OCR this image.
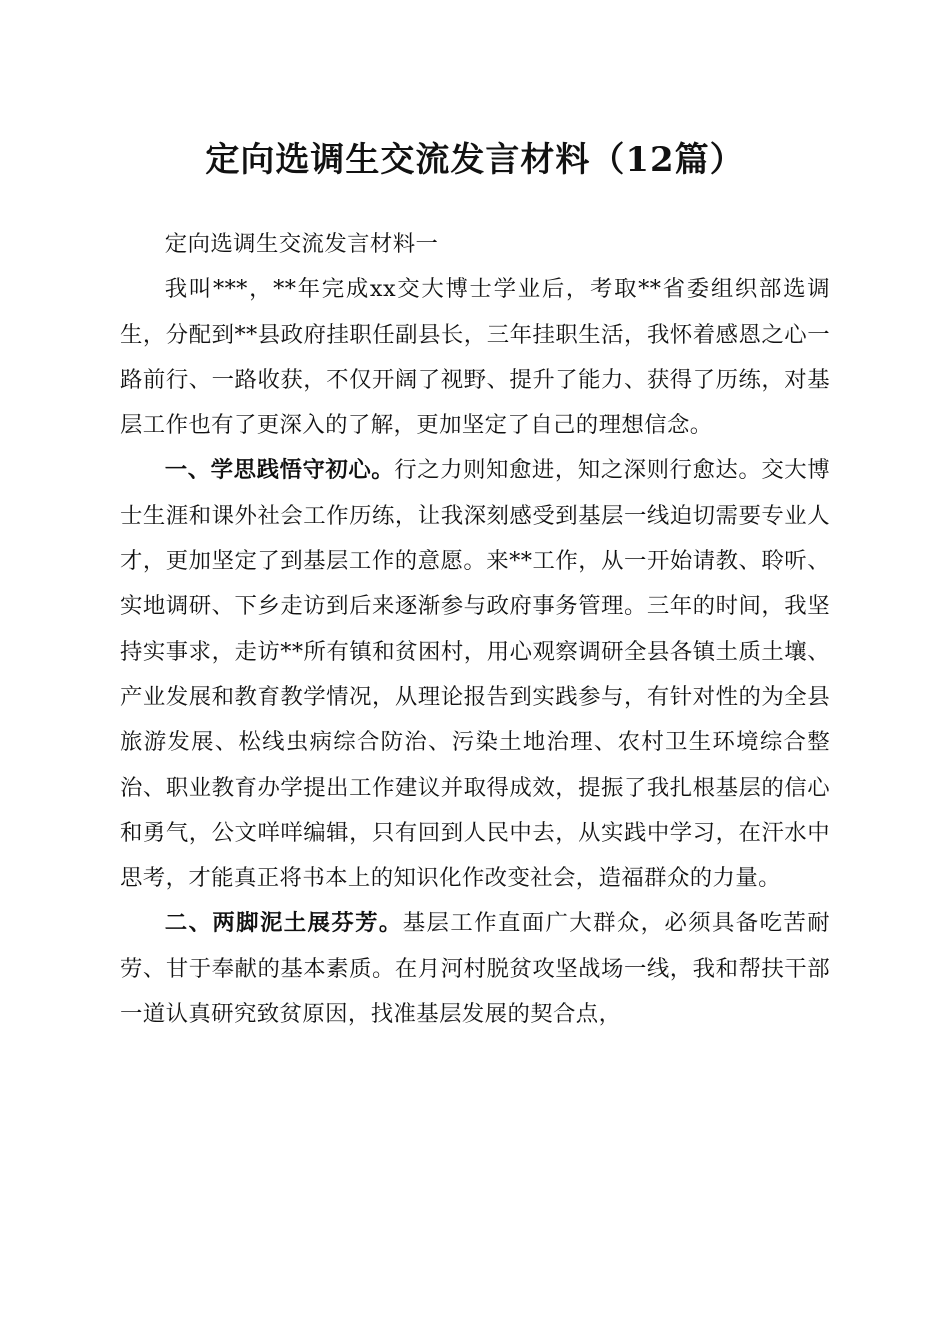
定向选调生交流发言材料（12篇）

定向选调生交流发言材料一

我叫***，**年完成xx交大博士学业后，考取**省委组织部选调生，分配到**县政府挂职任副县长，三年挂职生活，我怀着感恩之心一路前行、一路收获，不仅开阔了视野、提升了能力、获得了历练，对基层工作也有了更深入的了解，更加坚定了自己的理想信念。

一、学思践悟守初心。行之力则知愈进，知之深则行愈达。交大博士生涯和课外社会工作历练，让我深刻感受到基层一线迫切需要专业人才，更加坚定了到基层工作的意愿。来**工作，从一开始请教、聆听、实地调研、下乡走访到后来逐渐参与政府事务管理。三年的时间，我坚持实事求，走访**所有镇和贫困村，用心观察调研全县各镇土质土壤、产业发展和教育教学情况，从理论报告到实践参与，有针对性的为全县旅游发展、松线虫病综合防治、污染土地治理、农村卫生环境综合整治、职业教育办学提出工作建议并取得成效，提振了我扎根基层的信心和勇气，公文咩咩编辑，只有回到人民中去，从实践中学习，在汗水中思考，才能真正将书本上的知识化作改变社会，造福群众的力量。

二、两脚泥土展芬芳。基层工作直面广大群众，必须具备吃苦耐劳、甘于奉献的基本素质。在月河村脱贫攻坚战场一线，我和帮扶干部一道认真研究致贫原因，找准基层发展的契合点，
